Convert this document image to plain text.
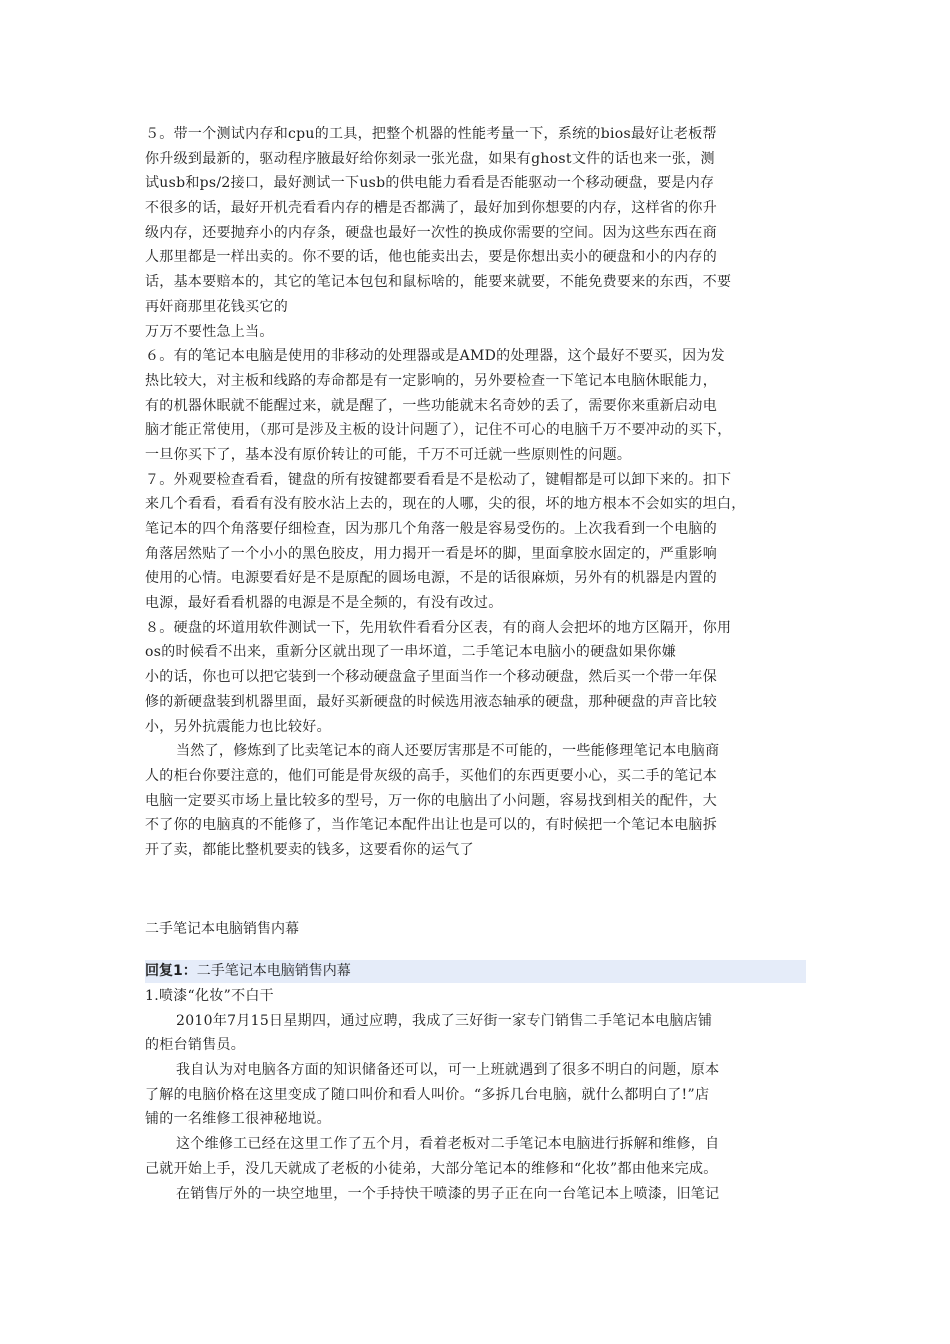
５。带一个测试内存和cpu的工具，把整个机器的性能考量一下，系统的bios最好让老板帮
你升级到最新的，驱动程序腋最好给你刻录一张光盘，如果有ghost文件的话也来一张，测
试usb和ps/2接口，最好测试一下usb的供电能力看看是否能驱动一个移动硬盘，要是内存
不很多的话，最好开机壳看看内存的槽是否都满了，最好加到你想要的内存，这样省的你升
级内存，还要抛弃小的内存条，硬盘也最好一次性的换成你需要的空间。因为这些东西在商
人那里都是一样出卖的。你不要的话，他也能卖出去，要是你想出卖小的硬盘和小的内存的
话，基本要赔本的，其它的笔记本包包和鼠标啥的，能要来就要，不能免费要来的东西，不要
再奸商那里花钱买它的
万万不要性急上当。
６。有的笔记本电脑是使用的非移动的处理器或是AMD的处理器，这个最好不要买，因为发
热比较大，对主板和线路的寿命都是有一定影响的，另外要检查一下笔记本电脑休眠能力，
有的机器休眠就不能醒过来，就是醒了，一些功能就末名奇妙的丢了，需要你来重新启动电
脑才能正常使用，（那可是涉及主板的设计问题了），记住不可心的电脑千万不要冲动的买下，
一旦你买下了，基本没有原价转让的可能，千万不可迁就一些原则性的问题。
７。外观要检查看看，键盘的所有按键都要看看是不是松动了，键帽都是可以卸下来的。扣下
来几个看看，看看有没有胶水沾上去的，现在的人哪，尖的很，坏的地方根本不会如实的坦白，
笔记本的四个角落要仔细检查，因为那几个角落一般是容易受伤的。上次我看到一个电脑的
角落居然贴了一个小小的黑色胶皮，用力揭开一看是坏的脚，里面拿胶水固定的，严重影响
使用的心情。电源要看好是不是原配的圆场电源，不是的话很麻烦，另外有的机器是内置的
电源，最好看看机器的电源是不是全频的，有没有改过。
８。硬盘的坏道用软件测试一下，先用软件看看分区表，有的商人会把坏的地方区隔开，你用
os的时候看不出来，重新分区就出现了一串坏道，二手笔记本电脑小的硬盘如果你嫌
小的话，你也可以把它装到一个移动硬盘盒子里面当作一个移动硬盘，然后买一个带一年保
修的新硬盘装到机器里面，最好买新硬盘的时候选用液态轴承的硬盘，那种硬盘的声音比较
小，另外抗震能力也比较好。
当然了，修炼到了比卖笔记本的商人还要厉害那是不可能的，一些能修理笔记本电脑商
人的柜台你要注意的，他们可能是骨灰级的高手，买他们的东西更要小心，买二手的笔记本
电脑一定要买市场上量比较多的型号，万一你的电脑出了小问题，容易找到相关的配件，大
不了你的电脑真的不能修了，当作笔记本配件出让也是可以的，有时候把一个笔记本电脑拆
开了卖，都能比整机要卖的钱多，这要看你的运气了
二手笔记本电脑销售内幕
回复1：二手笔记本电脑销售内幕
1.喷漆“化妆”不白干
2010年7月15日星期四，通过应聘，我成了三好街一家专门销售二手笔记本电脑店铺
的柜台销售员。
我自认为对电脑各方面的知识储备还可以，可一上班就遇到了很多不明白的问题，原本
了解的电脑价格在这里变成了随口叫价和看人叫价。“多拆几台电脑，就什么都明白了!”店
铺的一名维修工很神秘地说。
这个维修工已经在这里工作了五个月，看着老板对二手笔记本电脑进行拆解和维修，自
己就开始上手，没几天就成了老板的小徒弟，大部分笔记本的维修和“化妆”都由他来完成。
在销售厅外的一块空地里，一个手持快干喷漆的男子正在向一台笔记本上喷漆，旧笔记
